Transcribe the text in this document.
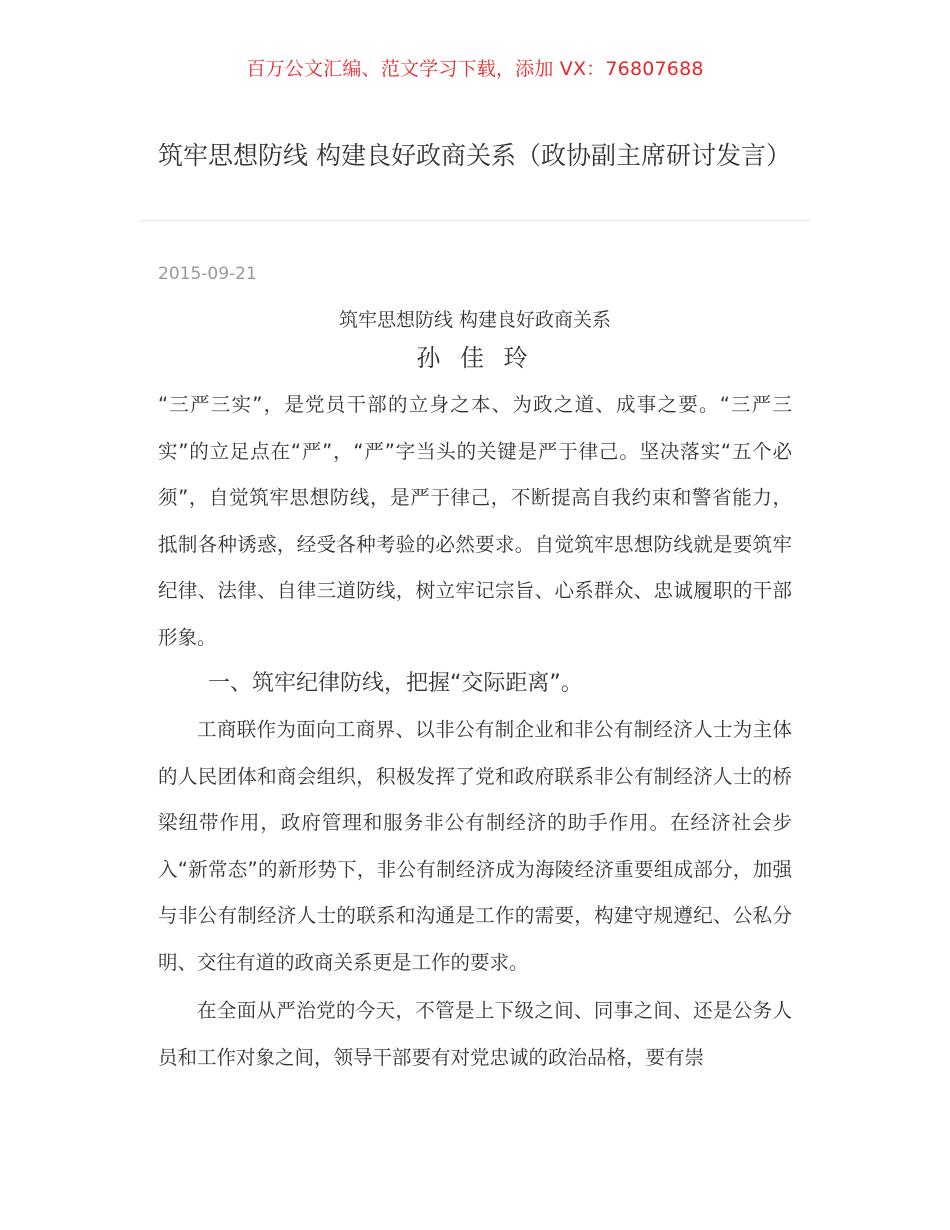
百万公文汇编、范文学习下载，添加 VX：76807688
筑牢思想防线 构建良好政商关系（政协副主席研讨发言）
2015-09-21

筑牢思想防线 构建良好政商关系

孙 佳 玲

“三严三实”，是党员干部的立身之本、为政之道、成事之要。“三严三实”的立足点在“严”，“严”字当头的关键是严于律己。坚决落实“五个必须”，自觉筑牢思想防线，是严于律己，不断提高自我约束和警省能力，抵制各种诱惑，经受各种考验的必然要求。自觉筑牢思想防线就是要筑牢纪律、法律、自律三道防线，树立牢记宗旨、心系群众、忠诚履职的干部形象。

一、筑牢纪律防线，把握“交际距离”。

工商联作为面向工商界、以非公有制企业和非公有制经济人士为主体的人民团体和商会组织，积极发挥了党和政府联系非公有制经济人士的桥梁纽带作用，政府管理和服务非公有制经济的助手作用。在经济社会步入“新常态”的新形势下，非公有制经济成为海陵经济重要组成部分，加强与非公有制经济人士的联系和沟通是工作的需要，构建守规遵纪、公私分明、交往有道的政商关系更是工作的要求。

在全面从严治党的今天，不管是上下级之间、同事之间、还是公务人员和工作对象之间，领导干部要有对党忠诚的政治品格，要有崇
